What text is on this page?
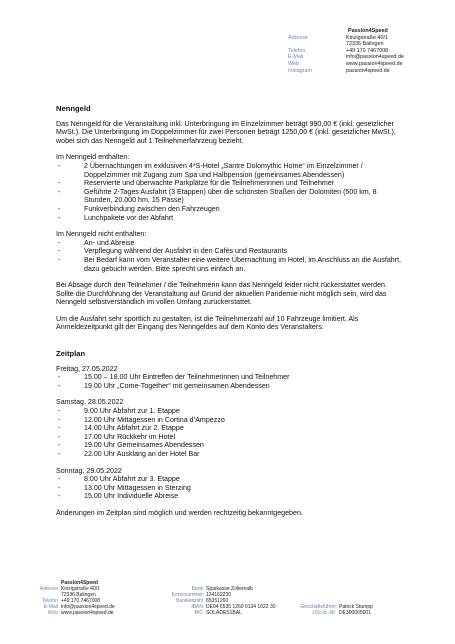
Passion4Speed
Adresse	Kinzigstraße 40/1
72336 Balingen
Telefon	+49 170 7467008
E-Mail	info@passion4speed.de
Web	www.passion4speed.de
Instagram	passion4speed.de
Nenngeld

Das Nenngeld für die Veranstaltung inkl. Unterbringung im Einzelzimmer beträgt 990,00 € (inkl. gesetzlicher MwSt.). Die Unterbringung im Doppelzimmer für zwei Personen beträgt 1250,00 € (inkl. gesetzlicher MwSt.), wobei sich das Nenngeld auf 1 Teilnehmerfahrzeug bezieht.

Im Nenngeld enthalten:

- 2 Übernachtungen im exklusiven 4*S-Hotel „Santre Dolomythic Home“ im Einzelzimmer / Doppelzimmer mit Zugang zum Spa und Halbpension (gemeinsames Abendessen)
- Reservierte und überwachte Parkplätze für die Teilnehmerinnen und Teilnehmer
- Geführte 2-Tages Ausfahrt (3 Etappen) über die schönsten Straßen der Dolomiten (500 km, 8 Stunden, 20.000 hm, 15 Pässe)
- Funkverbindung zwischen den Fahrzeugen
- Lunchpakete vor der Abfahrt

Im Nenngeld nicht enthalten:

- An- und Abreise
- Verpflegung während der Ausfahrt in den Cafés und Restaurants
- Bei Bedarf kann vom Veranstalter eine weitere Übernachtung im Hotel, im Anschluss an die Ausfahrt, dazu gebucht werden. Bitte sprecht uns einfach an.

Bei Absage durch den Teilnehmer / die Teilnehmerin kann das Nenngeld leider nicht rückerstattet werden. Sollte die Durchführung der Veranstaltung auf Grund der aktuellen Pandemie nicht möglich sein, wird das Nenngeld selbstverständlich im vollen Umfang zurückerstattet.

Um die Ausfahrt sehr sportlich zu gestalten, ist die Teilnehmerzahl auf 10 Fahrzeuge limitiert. Als Anmeldezeitpunkt gilt der Eingang des Nenngeldes auf dem Konto des Veranstalters.

Zeitplan

Freitag, 27.05.2022

- 15.00 – 18.00 Uhr Eintreffen der Teilnehmerinnen und Teilnehmer
- 19.00 Uhr „Come-Together“ mit gemeinsamen Abendessen

Samstag, 28.05.2022

- 9.00 Uhr Abfahrt zur 1. Etappe
- 12.00 Uhr Mittagessen in Cortina d’Ampezzo
- 14.00 Uhr Abfahrt zur 2. Etappe
- 17.00 Uhr Rückkehr im Hotel
- 19.00 Uhr Gemeinsames Abendessen
- 22.00 Uhr Ausklang an der Hotel Bar

Sonntag, 29.05.2022

- 8.00 Uhr Abfahrt zur 3. Etappe
- 13.00 Uhr Mittagessen in Sterzing
- 15.00 Uhr Individuelle Abreise

Änderungen im Zeitplan sind möglich und werden rechtzeitig bekanntgegeben.

Passion4Speed
Adresse Kinzigstraße 40/1
72336 Balingen
Telefon +49 170 7467008
E-Mail info@passion4speed.de
Web www.passion4speed.de
Bank Sparkasse Zollernalb
Kontonummer 134162230
Bankleitzahl 65351260
IBAN DE04 6535 1260 0134 1622 30
BIC SOLADES1BAL
Geschäftsführer Patrick Stumpp
USt-Id.-Nr. DE300065001
